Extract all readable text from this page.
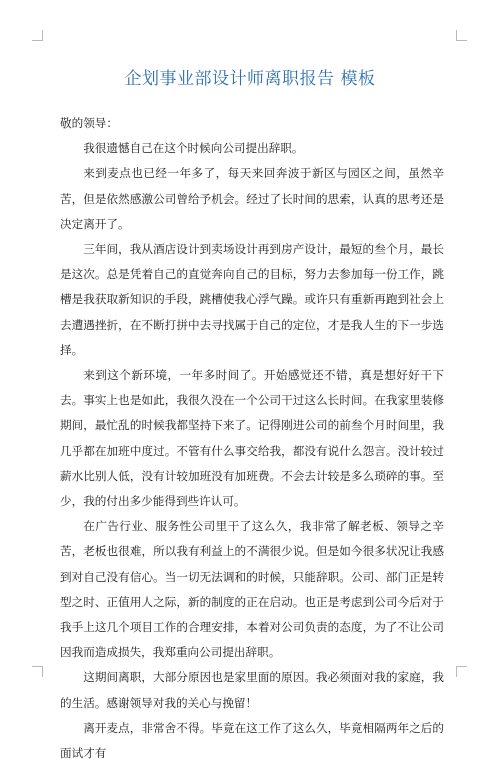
企划事业部设计师离职报告 模板

敬的领导：

我很遗憾自己在这个时候向公司提出辞职。

来到麦点也已经一年多了，每天来回奔波于新区与园区之间，虽然辛苦，但是依然感激公司曾给予机会。经过了长时间的思索，认真的思考还是决定离开了。

三年间，我从酒店设计到卖场设计再到房产设计，最短的叁个月，最长是这次。总是凭着自己的直觉奔向自己的目标，努力去参加每一份工作，跳槽是我获取新知识的手段，跳槽使我心浮气躁。或许只有重新再跑到社会上去遭遇挫折，在不断打拼中去寻找属于自己的定位，才是我人生的下一步选择。

来到这个新环境，一年多时间了。开始感觉还不错，真是想好好干下去。事实上也是如此，我很久没在一个公司干过这么长时间。在我家里装修期间，最忙乱的时候我都坚持下来了。记得刚进公司的前叁个月时间里，我几乎都在加班中度过。不管有什么事交给我，都没有说什么怨言。没计较过薪水比别人低，没有计较加班没有加班费。不会去计较是多么琐碎的事。至少，我的付出多少能得到些许认可。

在广告行业、服务性公司里干了这么久，我非常了解老板、领导之辛苦，老板也很难，所以我有利益上的不满很少说。但是如今很多状况让我感到对自己没有信心。当一切无法调和的时候，只能辞职。公司、部门正是转型之时、正值用人之际，新的制度的正在启动。也正是考虑到公司今后对于我手上这几个项目工作的合理安排，本着对公司负责的态度，为了不让公司因我而造成损失，我郑重向公司提出辞职。

这期间离职，大部分原因也是家里面的原因。我必须面对我的家庭，我的生活。感谢领导对我的关心与挽留！

离开麦点，非常舍不得。毕竟在这工作了这么久，毕竟相隔两年之后的面试才有
